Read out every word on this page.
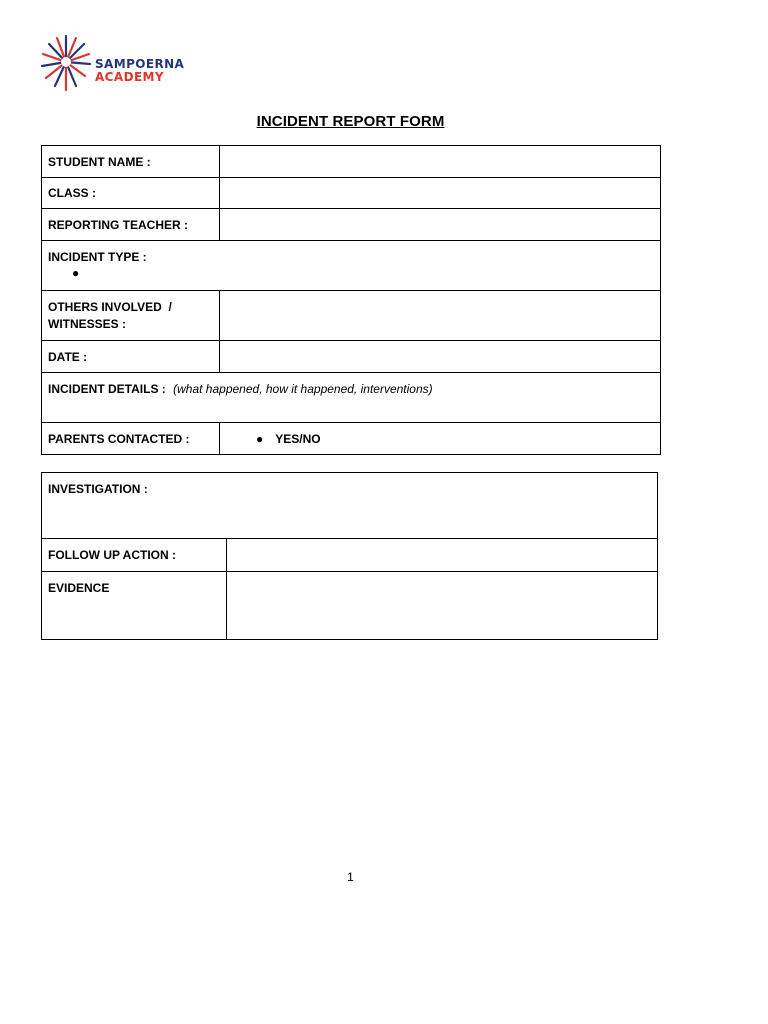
SAMPOERNA
ACADEMY
INCIDENT REPORT FORM
STUDENT NAME :	
CLASS :	
REPORTING TEACHER :	
INCIDENT TYPE :
●	

OTHERS INVOLVED  /
WITNESSES :	
DATE :	
INCIDENT DETAILS : (what happened, how it happened, interventions)	
PARENTS CONTACTED :	● YES/NO
INVESTIGATION :	
FOLLOW UP ACTION :	
EVIDENCE	
1
